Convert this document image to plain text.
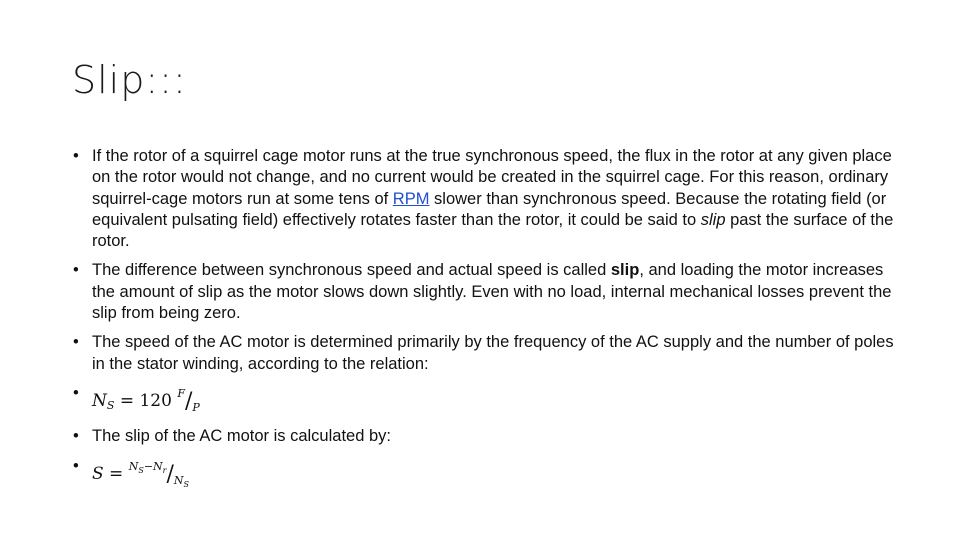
Slip:::
• If the rotor of a squirrel cage motor runs at the true synchronous speed, the flux in the rotor at any given place on the rotor would not change, and no current would be created in the squirrel cage. For this reason, ordinary squirrel-cage motors run at some tens of RPM slower than synchronous speed. Because the rotating field (or equivalent pulsating field) effectively rotates faster than the rotor, it could be said to slip past the surface of the rotor.
• The difference between synchronous speed and actual speed is called slip, and loading the motor increases the amount of slip as the motor slows down slightly. Even with no load, internal mechanical losses prevent the slip from being zero.
• The speed of the AC motor is determined primarily by the frequency of the AC supply and the number of poles in the stator winding, according to the relation:
• $N_S = 120$ $^F/_P$
• The slip of the AC motor is calculated by:
• $S = ^{NS-Nr}/_{NS}$
